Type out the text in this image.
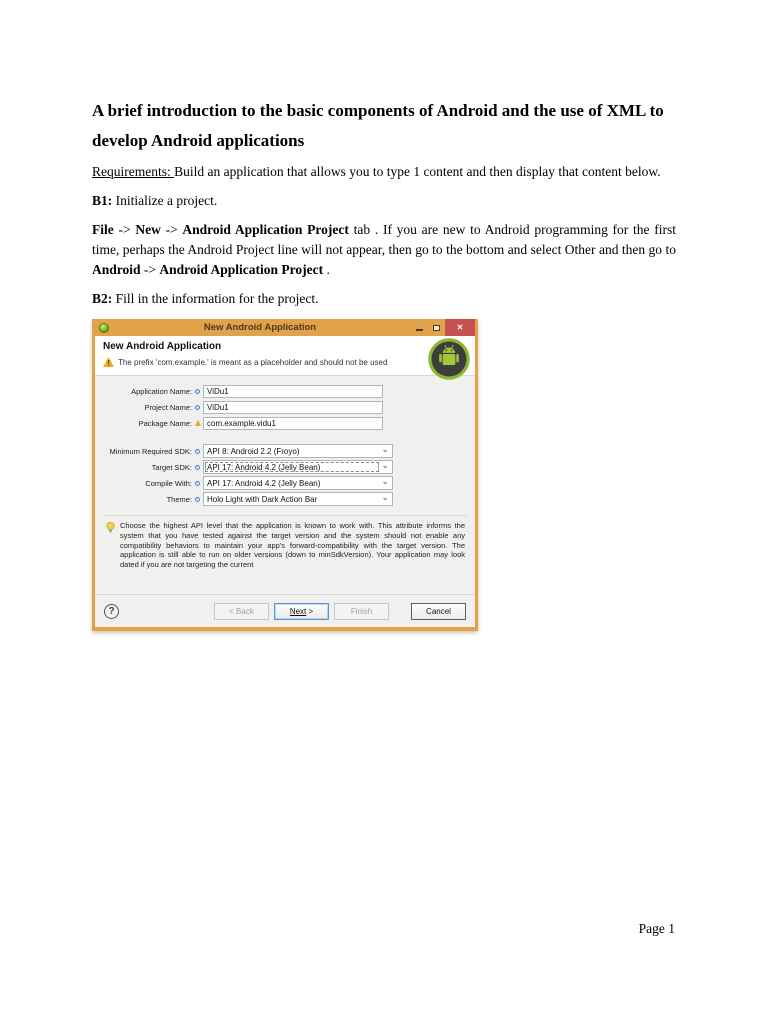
A brief introduction to the basic components of Android and the use of XML to develop Android applications

Requirements: Build an application that allows you to type 1 content and then display that content below.

B1: Initialize a project.

File -> New -> Android Application Project tab . If you are new to Android programming for the first time, perhaps the Android Project line will not appear, then go to the bottom and select Other and then go to Android -> Android Application Project .

B2: Fill in the information for the project.

New Android Application	✕
New Android Application
The prefix 'com.example.' is meant as a placeholder and should not be used
Application Name:
ViDu1
Project Name:
ViDu1
Package Name:
com.example.vidu1
Minimum Required SDK: API 8: Android 2.2 (Froyo)	⌄
Target SDK: API 17: Android 4.2 (Jelly Bean)	⌄
Compile With: API 17: Android 4.2 (Jelly Bean)	⌄
Theme: Holo Light with Dark Action Bar	⌄
Choose the highest API level that the application is known to work with. This attribute informs the system that you have tested against the target version and the system should not enable any compatibility behaviors to maintain your app's forward-compatibility with the target version. The application is still able to run on older versions (down to minSdkVersion). Your application may look dated if you are not targeting the current
?	< Back	Next >	Finish	Cancel
Page 1
